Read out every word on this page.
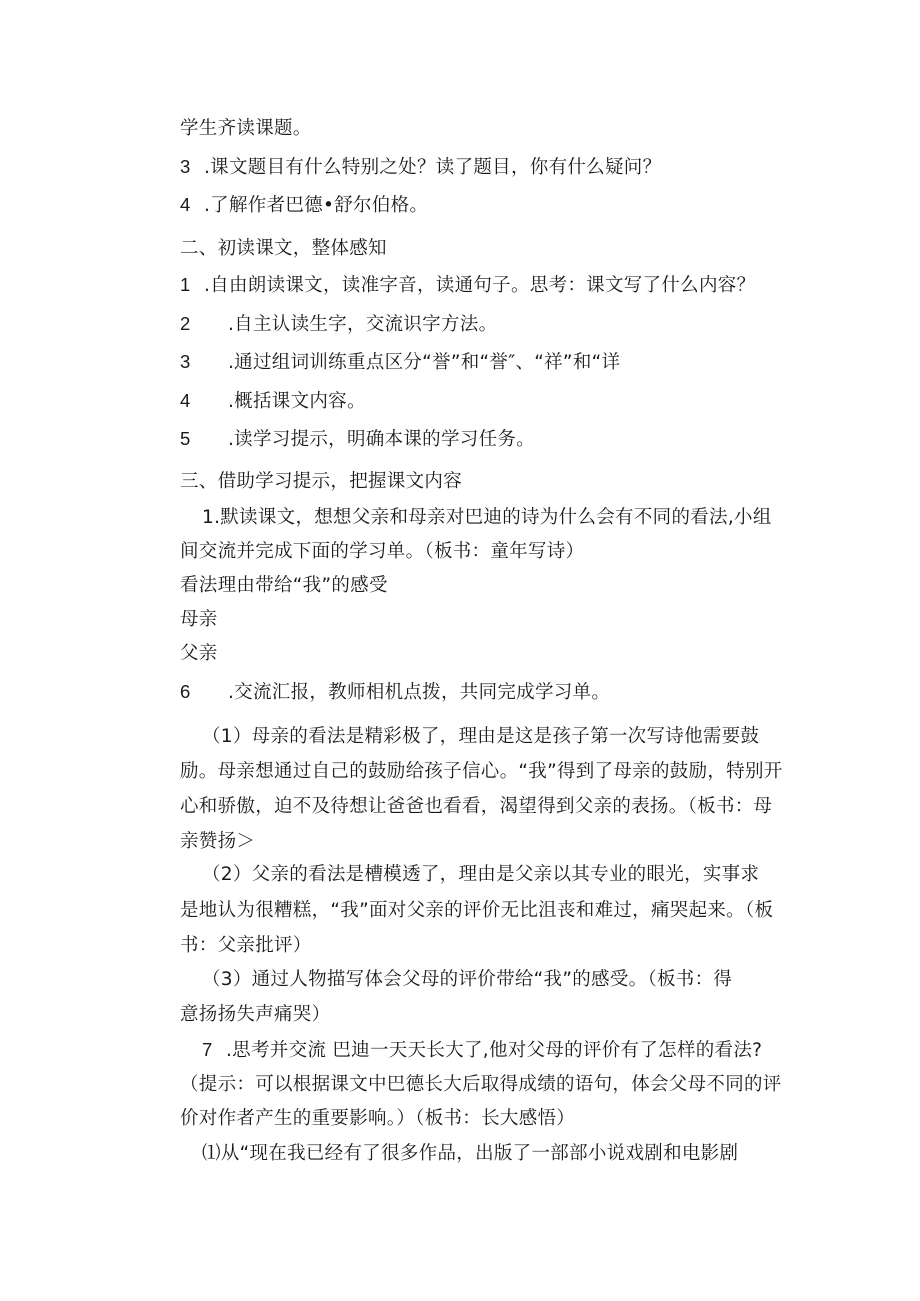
学生齐读课题。
3 .课文题目有什么特别之处？读了题目，你有什么疑问？
4 .了解作者巴德•舒尔伯格。
二、初读课文，整体感知
1 .自由朗读课文，读准字音，读通句子。思考：课文写了什么内容？
2 .自主认读生字，交流识字方法。
3 .通过组词训练重点区分“誉”和“誉″、“祥”和“详
4 .概括课文内容。
5 .读学习提示，明确本课的学习任务。
三、借助学习提示，把握课文内容
1.默读课文，想想父亲和母亲对巴迪的诗为什么会有不同的看法,小组
间交流并完成下面的学习单。（板书：童年写诗）
看法理由带给“我”的感受
母亲
父亲
6 .交流汇报，教师相机点拨，共同完成学习单。
（1）母亲的看法是精彩极了，理由是这是孩子第一次写诗他需要鼓
励。母亲想通过自己的鼓励给孩子信心。“我”得到了母亲的鼓励，特别开
心和骄傲，迫不及待想让爸爸也看看，渴望得到父亲的表扬。（板书：母
亲赞扬＞
（2）父亲的看法是槽模透了，理由是父亲以其专业的眼光，实事求
是地认为很糟糕，“我”面对父亲的评价无比沮丧和难过，痛哭起来。（板
书：父亲批评）
（3）通过人物描写体会父母的评价带给“我”的感受。（板书：得
意扬扬失声痛哭）
7 .思考并交流 巴迪一天天长大了,他对父母的评价有了怎样的看法?
（提示：可以根据课文中巴德长大后取得成绩的语句，体会父母不同的评
价对作者产生的重要影响。）（板书：长大感悟）
⑴从“现在我已经有了很多作品，出版了一部部小说戏剧和电影剧
